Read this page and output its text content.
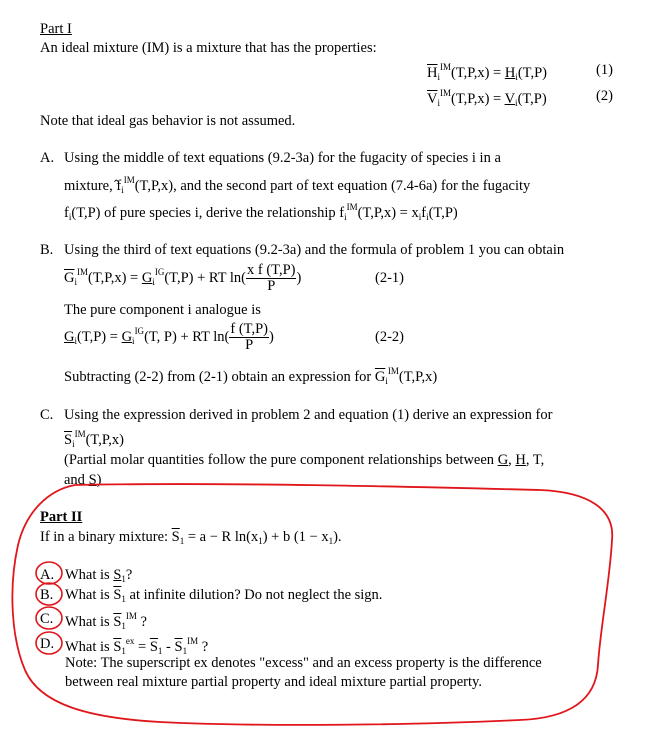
Part I
An ideal mixture (IM) is a mixture that has the properties:
$\overline{H}_i^{IM}(T,P,x) = H_i(T,P)$	(1)
$\overline{V}_i^{IM}(T,P,x) = V_i(T,P)$	(2)
Note that ideal gas behavior is not assumed.
A. Using the middle of text equations (9.2-3a) for the fugacity of species i in a
mixture, $f_i^{IM}(T,P,x)$, and the second part of text equation (7.4-6a) for the fugacity
$f_i(T,P)$ of pure species i, derive the relationship $f_i^{IM}(T,P,x) = x_if_i(T,P)$
B. Using the third of text equations (9.2-3a) and the formula of problem 1 you can obtain
$\overline{G}_i^{IM}(T,P,x) = G_i^{IG}(T,P)$ + RT $\ln( \frac{\text{x f (T,P)}}{P}$ )	(2-1)
The pure component i analogue is
$G_i(T,P) = G_i^{IG}(T$, P) + RT $\ln( \frac{f (T,P)}{P}$ )	(2-2)
Subtracting (2-2) from (2-1) obtain an expression for $\overline{G}_i^{IM}(T,P,x)$
C. Using the expression derived in problem 2 and equation (1) derive an expression for
$\overline{S}_i^{IM}(T,P,x)$
(Partial molar quantities follow the pure component relationships between G, H, T,
and S)
Part II
If in a binary mixture: $\overline{S}_1 = a - R$ $\ln(x_1) + b$ $(1 - x_1)$.
A. What is $S_1$?
B. What is $\overline{S}_1$ at infinite dilution? Do not neglect the sign.
C. What is $\overline{S}_1^{IM}$ ?
D. What is $\overline{S}_1^{ex} = \overline{S}_1 - \overline{S}_1^{IM}$ ?
Note: The superscript ex denotes "excess" and an excess property is the difference
between real mixture partial property and ideal mixture partial property.
